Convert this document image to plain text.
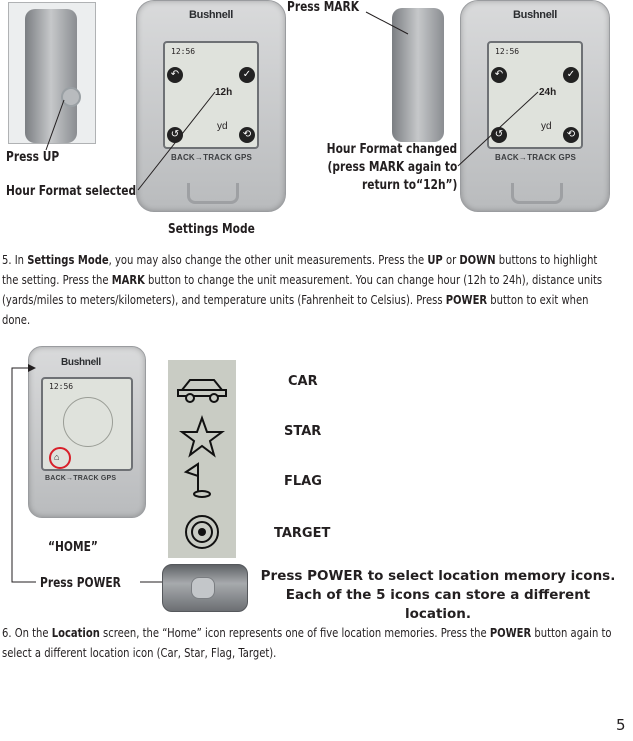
Bushnell
12:56
↶	✓
12h
yd
↺	⟲
BACK→TRACK GPS
Bushnell
12:56
↶	✓
24h
yd
↺	⟲
BACK→TRACK GPS
Press MARK
Press UP
Hour Format selected
Settings Mode
Hour Format changed
(press MARK again to
return to“12h”)
5. In Settings Mode, you may also change the other unit measurements. Press the UP or DOWN buttons to highlight the setting. Press the MARK button to change the unit measurement. You can change hour (12h to 24h), distance units (yards/miles to meters/kilometers), and temperature units (Fahrenheit to Celsius). Press POWER button to exit when done.
Bushnell
12:56
⌂
BACK→TRACK GPS
CAR
STAR
FLAG
TARGET
“HOME”
Press POWER	Press POWER to select location memory icons.
Each of the 5 icons can store a different location.
6. On the Location screen, the “Home” icon represents one of five location memories. Press the POWER button again to select a different location icon (Car, Star, Flag, Target).
5
